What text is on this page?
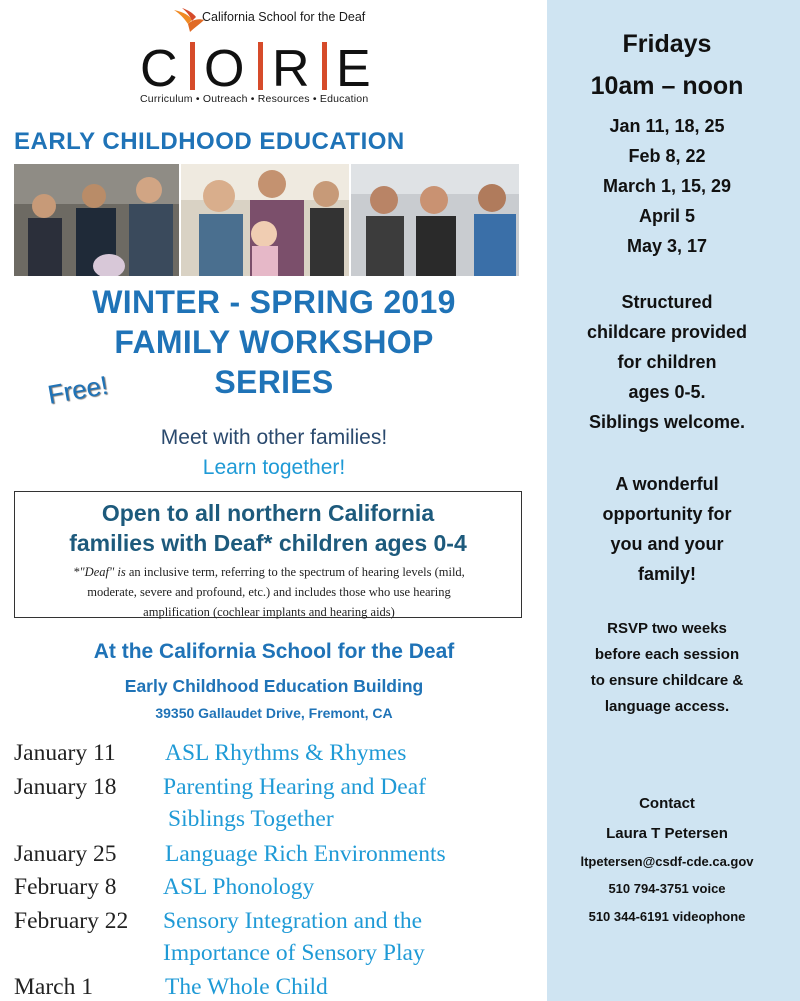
California School for the Deaf
C O R E
Curriculum • Outreach • Resources • Education
EARLY CHILDHOOD EDUCATION
WINTER - SPRING 2019
FAMILY WORKSHOP
SERIES
Free!
Meet with other families!
Learn together!
Open to all northern California
families with Deaf* children ages 0-4
*"Deaf" is an inclusive term, referring to the spectrum of hearing levels (mild,
moderate, severe and profound, etc.) and includes those who use hearing
amplification (cochlear implants and hearing aids)
At the California School for the Deaf
Early Childhood Education Building
39350 Gallaudet Drive, Fremont, CA
January 11 ASL Rhythms & Rhymes
January 18 Parenting Hearing and Deaf
Siblings Together
January 25 Language Rich Environments
February 8 ASL Phonology
February 22 Sensory Integration and the
Importance of Sensory Play
March 1	The Whole Child
Fridays
10am – noon
Jan 11, 18, 25
Feb 8, 22
March 1, 15, 29
April 5
May 3, 17
Structured
childcare provided
for children
ages 0-5.
Siblings welcome.
A wonderful
opportunity for
you and your
family!
RSVP two weeks
before each session
to ensure childcare &
language access.
Contact
Laura T Petersen
ltpetersen@csdf-cde.ca.gov
510 794-3751 voice
510 344-6191 videophone
